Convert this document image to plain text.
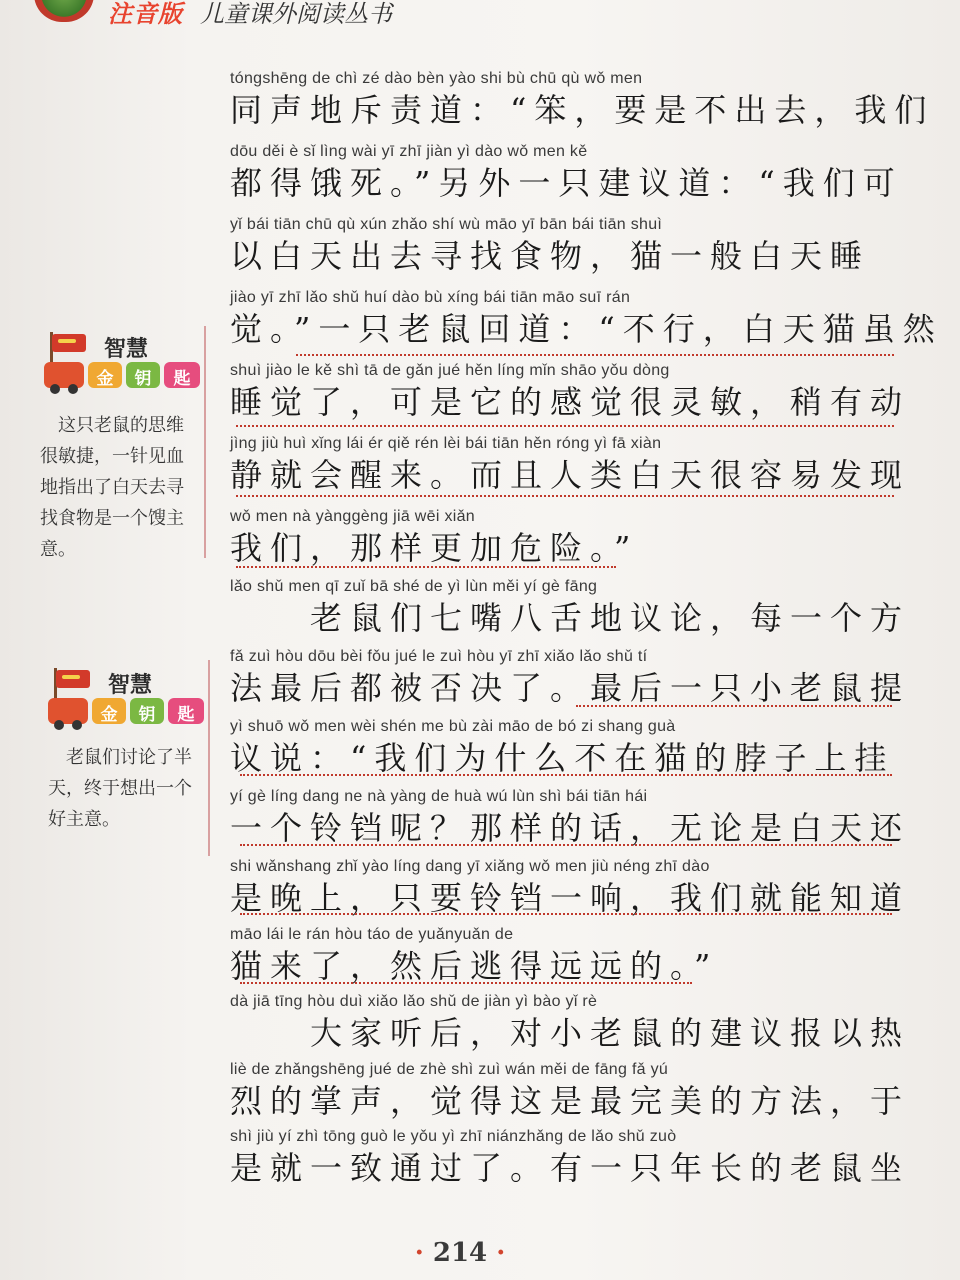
注音版 儿童课外阅读丛书
tóngshēng de chì zé dào bèn yào shi bù chū qù wǒ men
同声地斥责道：“笨，要是不出去，我们
dōu děi è sǐ lìng wài yī zhī jiàn yì dào wǒ men kě
都得饿死。”另外一只建议道：“我们可
yǐ bái tiān chū qù xún zhǎo shí wù māo yī bān bái tiān shuì
以白天出去寻找食物，猫一般白天睡
jiào yī zhī lǎo shǔ huí dào bù xíng bái tiān māo suī rán
觉。”一只老鼠回道：“不行，白天猫虽然
shuì jiào le kě shì tā de gǎn jué hěn líng mǐn shāo yǒu dòng
睡觉了，可是它的感觉很灵敏，稍有动
jìng jiù huì xǐng lái ér qiě rén lèi bái tiān hěn róng yì fā xiàn
静就会醒来。而且人类白天很容易发现
wǒ men nà yànggèng jiā wēi xiǎn
我们，那样更加危险。”
lǎo shǔ men qī zuǐ bā shé de yì lùn měi yí gè fāng
　　老鼠们七嘴八舌地议论，每一个方
fǎ zuì hòu dōu bèi fǒu jué le zuì hòu yī zhī xiǎo lǎo shǔ tí
法最后都被否决了。最后一只小老鼠提
yì shuō wǒ men wèi shén me bù zài māo de bó zi shang guà
议说：“我们为什么不在猫的脖子上挂
yí gè líng dang ne nà yàng de huà wú lùn shì bái tiān hái
一个铃铛呢？那样的话，无论是白天还
shi wǎnshang zhǐ yào líng dang yī xiǎng wǒ men jiù néng zhī dào
是晚上，只要铃铛一响，我们就能知道
māo lái le rán hòu táo de yuǎnyuǎn de
猫来了，然后逃得远远的。”
dà jiā tīng hòu duì xiǎo lǎo shǔ de jiàn yì bào yǐ rè
　　大家听后，对小老鼠的建议报以热
liè de zhǎngshēng jué de zhè shì zuì wán měi de fāng fǎ yú
烈的掌声，觉得这是最完美的方法，于
shì jiù yí zhì tōng guò le yǒu yì zhī niánzhǎng de lǎo shǔ zuò
是就一致通过了。有一只年长的老鼠坐
智慧
金	钥	匙
　这只老鼠的思维很敏捷，一针见血地指出了白天去寻找食物是一个馊主意。
智慧
金	钥	匙
　老鼠们讨论了半天，终于想出一个好主意。
· 214 ·
